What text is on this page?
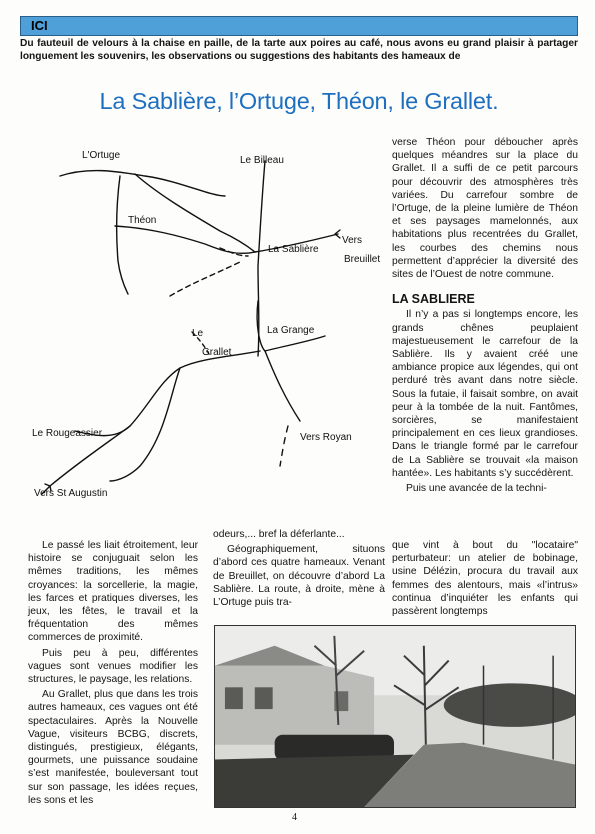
ICI
Du fauteuil de velours à la chaise en paille, de la tarte aux poires au café, nous avons eu grand plaisir à partager longuement les souvenirs, les observations ou suggestions des habitants des hameaux de
La Sablière, l’Ortuge, Théon, le Grallet.
L'Ortuge	Le Billeau
Théon
La Sablière
Vers
Breuillet
Le
Grallet
La Grange
Le Rougeassier	Vers Royan
Vers St Augustin

verse Théon pour déboucher après quelques méandres sur la place du Grallet. Il a suffi de ce petit parcours pour découvrir des atmosphères très variées. Du carrefour sombre de l’Ortuge, de la pleine lumière de Théon et ses paysages mamelonnés, aux habitations plus recentrées du Grallet, les courbes des chemins nous permettent d’apprécier la diversité des sites de l’Ouest de notre commune.

LA SABLIERE

Il n’y a pas si longtemps encore, les grands chênes peuplaient majestueusement le carrefour de la Sablière. Ils y avaient créé une ambiance propice aux légendes, qui ont perduré très avant dans notre siècle. Sous la futaie, il faisait sombre, on avait peur à la tombée de la nuit. Fantômes, sorcières, se manifestaient principalement en ces lieux grandioses. Dans le triangle formé par le carrefour de La Sablière se trouvait «la maison hantée». Les habitants s’y succédèrent.

Puis une avancée de la techni-

Le passé les liait étroitement, leur histoire se conjuguait selon les mêmes traditions, les mêmes croyances: la sorcellerie, la magie, les farces et pratiques diverses, les jeux, les fêtes, le travail et la fréquentation des mêmes commerces de proximité.

Puis peu à peu, différentes vagues sont venues modifier les structures, le paysage, les relations.

Au Grallet, plus que dans les trois autres hameaux, ces vagues ont été spectaculaires. Après la Nouvelle Vague, visiteurs BCBG, discrets, distingués, prestigieux, élégants, gourmets, une puissance soudaine s’est manifestée, bouleversant tout sur son passage, les idées reçues, les sons et les

odeurs,... bref la déferlante...

Géographiquement, situons d’abord ces quatre hameaux. Venant de Breuillet, on découvre d’abord La Sablière. La route, à droite, mène à L’Ortuge puis tra-

que vint à bout du "locataire" perturbateur: un atelier de bobinage, usine Délézin, procura du travail aux femmes des alentours, mais «l’intrus» continua d’inquiéter les enfants qui passèrent longtemps

4
